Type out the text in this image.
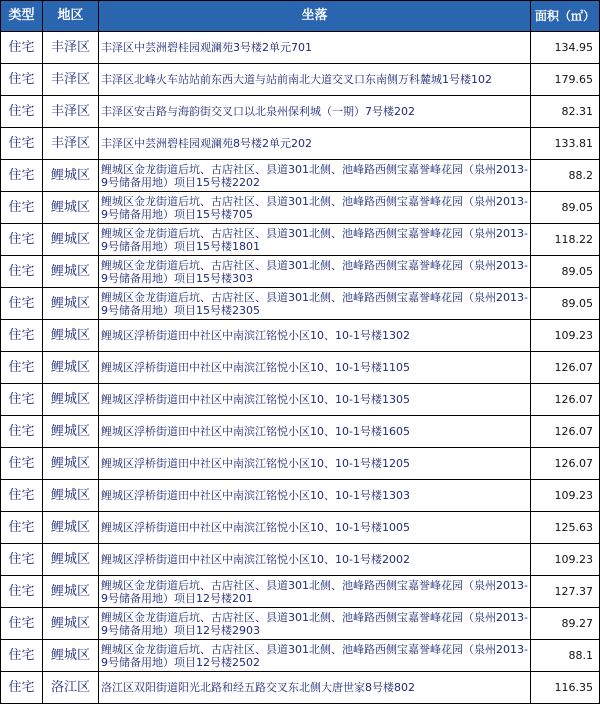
类型	地区	坐落	面积（㎡）
住宅	丰泽区	丰泽区中芸洲碧桂园观澜苑3号楼2单元701	134.95
住宅	丰泽区	丰泽区北峰火车站站前东西大道与站前南北大道交叉口东南侧万科麓城1号楼102	179.65
住宅	丰泽区	丰泽区安吉路与海韵街交叉口以北泉州保利城（一期）7号楼202	82.31
住宅	丰泽区	丰泽区中芸洲碧桂园观澜苑8号楼2单元202	133.81
住宅	鲤城区	鲤城区金龙街道后坑、古店社区、县道301北侧、池峰路西侧宝嘉誉峰花园（泉州2013-9号储备用地）项目15号楼2202	88.2
住宅	鲤城区	鲤城区金龙街道后坑、古店社区、县道301北侧、池峰路西侧宝嘉誉峰花园（泉州2013-9号储备用地）项目15号楼705	89.05
住宅	鲤城区	鲤城区金龙街道后坑、古店社区、县道301北侧、池峰路西侧宝嘉誉峰花园（泉州2013-9号储备用地）项目15号楼1801	118.22
住宅	鲤城区	鲤城区金龙街道后坑、古店社区、县道301北侧、池峰路西侧宝嘉誉峰花园（泉州2013-9号储备用地）项目15号楼303	89.05
住宅	鲤城区	鲤城区金龙街道后坑、古店社区、县道301北侧、池峰路西侧宝嘉誉峰花园（泉州2013-9号储备用地）项目15号楼2305	89.05
住宅	鲤城区	鲤城区浮桥街道田中社区中南滨江铭悦小区10、10-1号楼1302	109.23
住宅	鲤城区	鲤城区浮桥街道田中社区中南滨江铭悦小区10、10-1号楼1105	126.07
住宅	鲤城区	鲤城区浮桥街道田中社区中南滨江铭悦小区10、10-1号楼1305	126.07
住宅	鲤城区	鲤城区浮桥街道田中社区中南滨江铭悦小区10、10-1号楼1605	126.07
住宅	鲤城区	鲤城区浮桥街道田中社区中南滨江铭悦小区10、10-1号楼1205	126.07
住宅	鲤城区	鲤城区浮桥街道田中社区中南滨江铭悦小区10、10-1号楼1303	109.23
住宅	鲤城区	鲤城区浮桥街道田中社区中南滨江铭悦小区10、10-1号楼1005	125.63
住宅	鲤城区	鲤城区浮桥街道田中社区中南滨江铭悦小区10、10-1号楼2002	109.23
住宅	鲤城区	鲤城区金龙街道后坑、古店社区、县道301北侧、池峰路西侧宝嘉誉峰花园（泉州2013-9号储备用地）项目12号楼201	127.37
住宅	鲤城区	鲤城区金龙街道后坑、古店社区、县道301北侧、池峰路西侧宝嘉誉峰花园（泉州2013-9号储备用地）项目12号楼2903	89.27
住宅	鲤城区	鲤城区金龙街道后坑、古店社区、县道301北侧、池峰路西侧宝嘉誉峰花园（泉州2013-9号储备用地）项目12号楼2502	88.1
住宅	洛江区	洛江区双阳街道阳光北路和经五路交叉东北侧大唐世家8号楼802	116.35
